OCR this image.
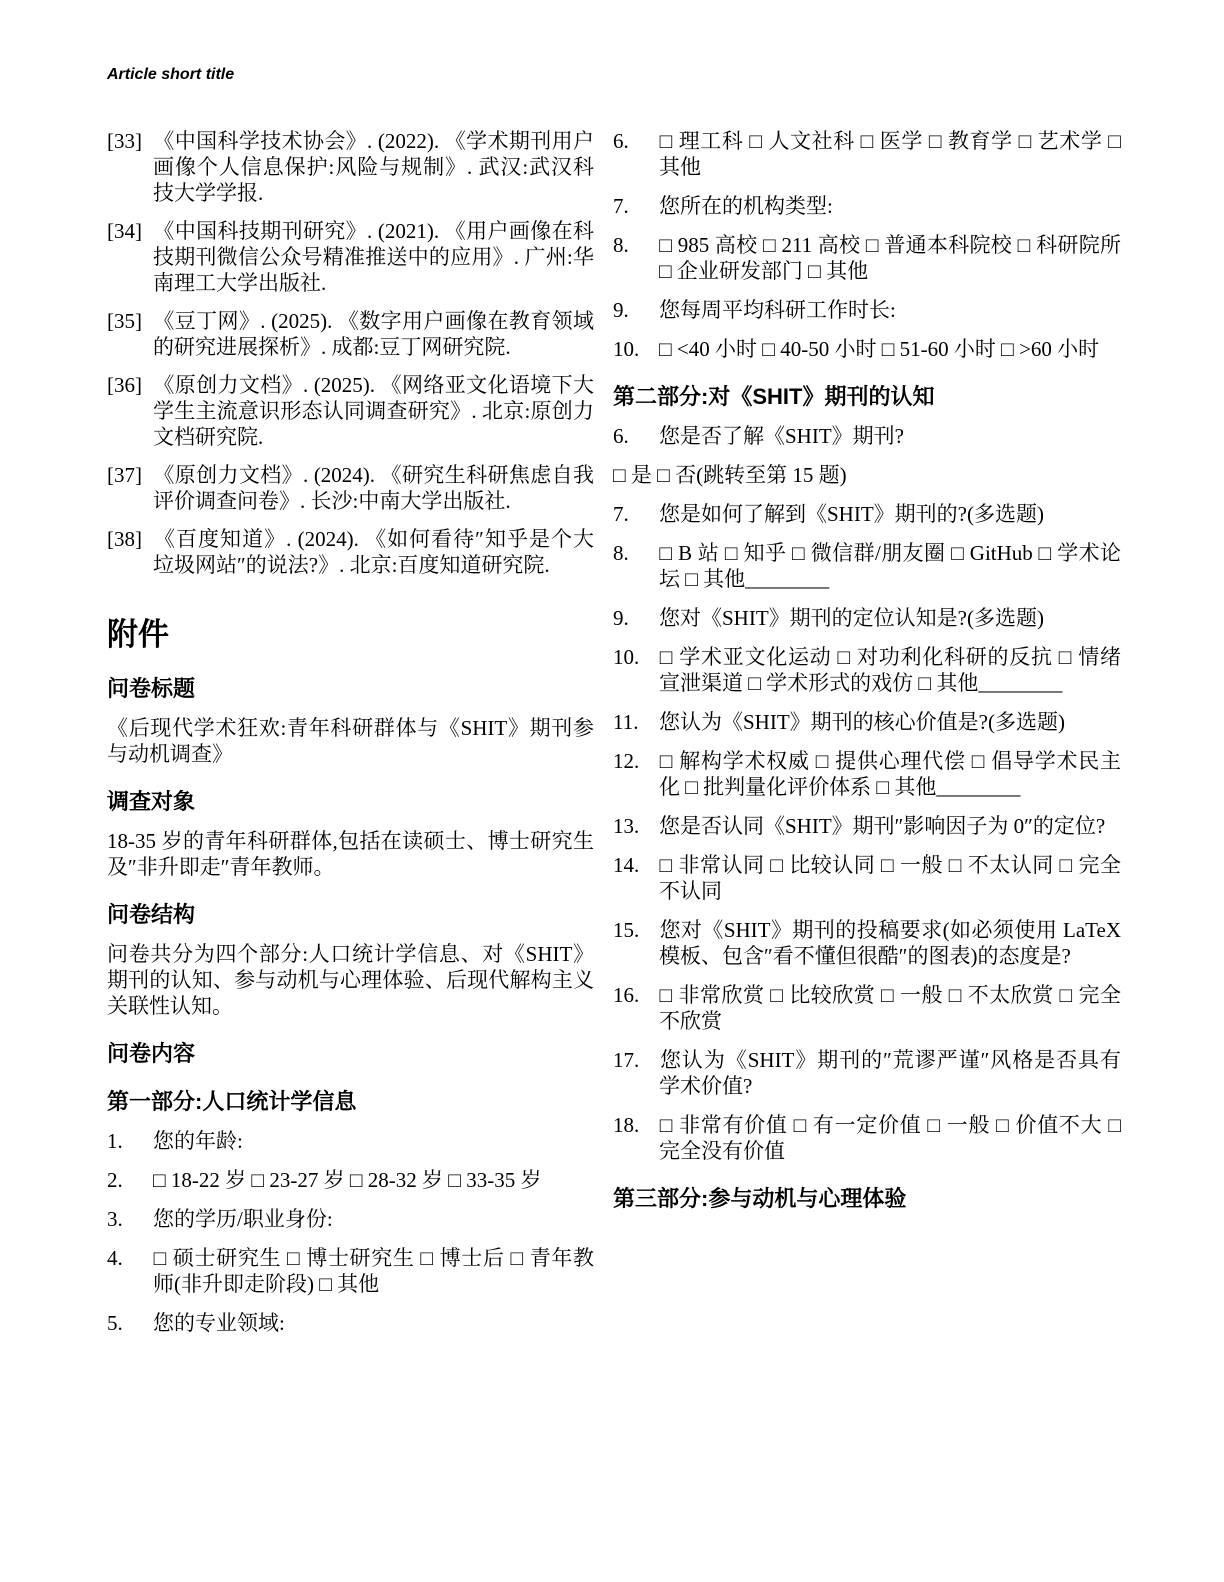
Article short title
[33] 《中国科学技术协会》. (2022). 《学术期刊用户画像个人信息保护:风险与规制》. 武汉:武汉科技大学学报.
[34] 《中国科技期刊研究》. (2021). 《用户画像在科技期刊微信公众号精准推送中的应用》. 广州:华南理工大学出版社.
[35] 《豆丁网》. (2025). 《数字用户画像在教育领域的研究进展探析》. 成都:豆丁网研究院.
[36] 《原创力文档》. (2025). 《网络亚文化语境下大学生主流意识形态认同调查研究》. 北京:原创力文档研究院.
[37] 《原创力文档》. (2024). 《研究生科研焦虑自我评价调查问卷》. 长沙:中南大学出版社.
[38] 《百度知道》. (2024). 《如何看待″知乎是个大垃圾网站″的说法?》. 北京:百度知道研究院.
附件
问卷标题
《后现代学术狂欢:青年科研群体与《SHIT》期刊参与动机调查》
调查对象
18-35 岁的青年科研群体,包括在读硕士、博士研究生及″非升即走″青年教师。
问卷结构
问卷共分为四个部分:人口统计学信息、对《SHIT》期刊的认知、参与动机与心理体验、后现代解构主义关联性认知。
问卷内容
第一部分:人口统计学信息
1. 您的年龄:
2. □ 18-22 岁 □ 23-27 岁 □ 28-32 岁 □ 33-35 岁
3. 您的学历/职业身份:
4. □ 硕士研究生 □ 博士研究生 □ 博士后 □ 青年教师(非升即走阶段) □ 其他
5. 您的专业领域:
6. □ 理工科 □ 人文社科 □ 医学 □ 教育学 □ 艺术学 □ 其他
7. 您所在的机构类型:
8. □ 985 高校 □ 211 高校 □ 普通本科院校 □ 科研院所 □ 企业研发部门 □ 其他
9. 您每周平均科研工作时长:
10. □ <40 小时 □ 40-50 小时 □ 51-60 小时 □ >60 小时
第二部分:对《SHIT》期刊的认知
6. 您是否了解《SHIT》期刊?
□ 是 □ 否(跳转至第 15 题)
7. 您是如何了解到《SHIT》期刊的?(多选题)
8. □ B 站 □ 知乎 □ 微信群/朋友圈 □ GitHub □ 学术论坛 □ 其他________
9. 您对《SHIT》期刊的定位认知是?(多选题)
10. □ 学术亚文化运动 □ 对功利化科研的反抗 □ 情绪宣泄渠道 □ 学术形式的戏仿 □ 其他________
11. 您认为《SHIT》期刊的核心价值是?(多选题)
12. □ 解构学术权威 □ 提供心理代偿 □ 倡导学术民主化 □ 批判量化评价体系 □ 其他________
13. 您是否认同《SHIT》期刊″影响因子为 0″的定位?
14. □ 非常认同 □ 比较认同 □ 一般 □ 不太认同 □ 完全不认同
15. 您对《SHIT》期刊的投稿要求(如必须使用 LaTeX 模板、包含″看不懂但很酷″的图表)的态度是?
16. □ 非常欣赏 □ 比较欣赏 □ 一般 □ 不太欣赏 □ 完全不欣赏
17. 您认为《SHIT》期刊的″荒谬严谨″风格是否具有学术价值?
18. □ 非常有价值 □ 有一定价值 □ 一般 □ 价值不大 □ 完全没有价值
第三部分:参与动机与心理体验
